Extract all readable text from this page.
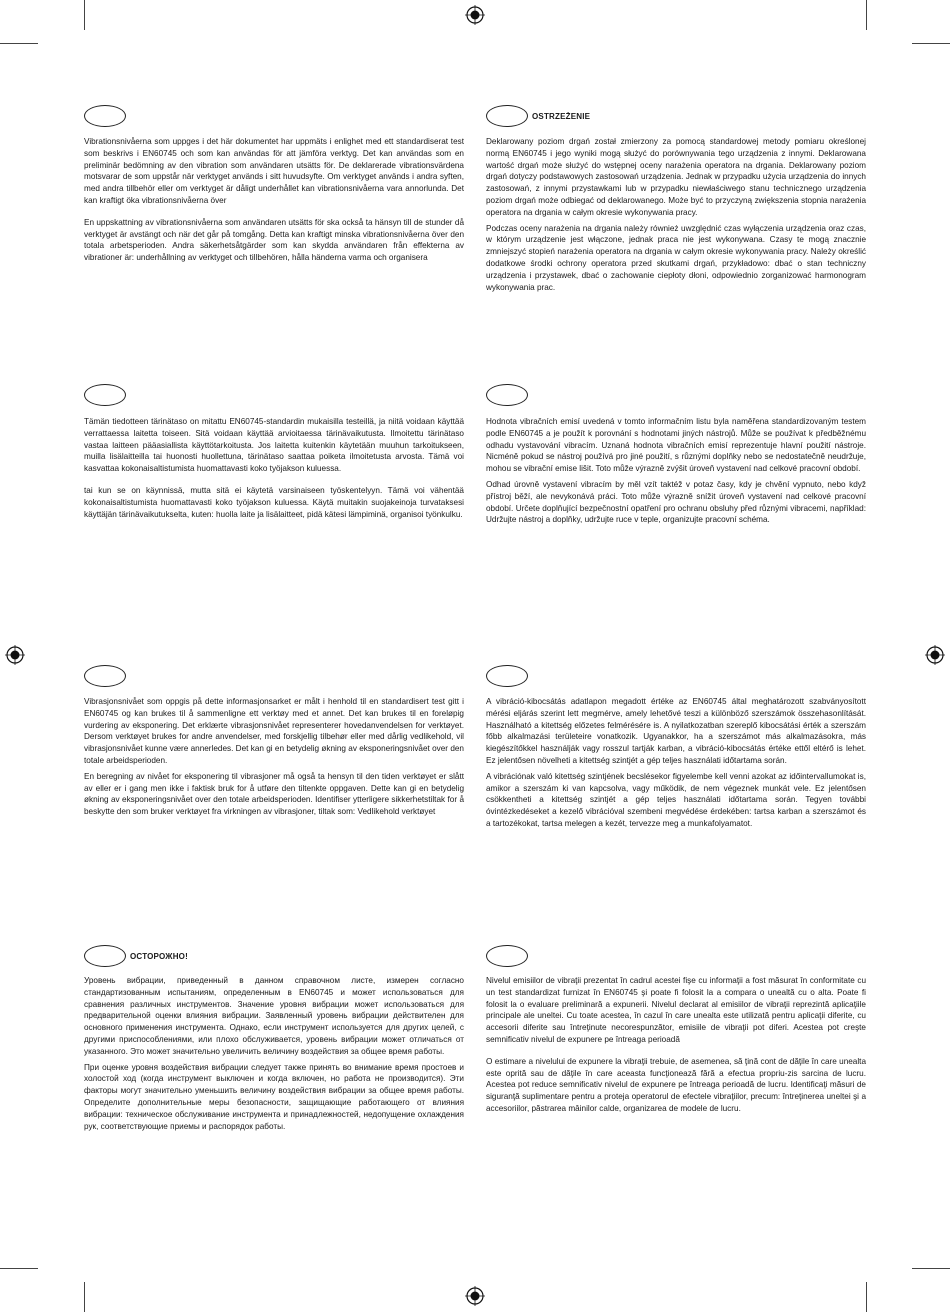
Vibrationsnivåerna som uppges i det här dokumentet har uppmäts i enlighet med ett standardiserat test som beskrivs i EN60745 och som kan användas för att jämföra verktyg. Det kan användas som en preliminär bedömning av den vibration som användaren utsätts för. De deklarerade vibrationsvärdena motsvarar de som uppstår när verktyget används i sitt huvudsyfte. Om verktyget används i andra syften, med andra tillbehör eller om verktyget är dåligt underhållet kan vibrationsnivåerna vara annorlunda. Det kan kraftigt öka vibrationsnivåerna över

En uppskattning av vibrationsnivåerna som användaren utsätts för ska också ta hänsyn till de stunder då verktyget är avstängt och när det går på tomgång. Detta kan kraftigt minska vibrationsnivåerna över den totala arbetsperioden. Andra säkerhetsåtgärder som kan skydda användaren från effekterna av vibrationer är: underhållning av verktyget och tillbehören, hålla händerna varma och organisera

OSTRZEŻENIE

Deklarowany poziom drgań został zmierzony za pomocą standardowej metody pomiaru określonej normą EN60745 i jego wyniki mogą służyć do porównywania tego urządzenia z innymi. Deklarowana wartość drgań może służyć do wstępnej oceny narażenia operatora na drgania. Deklarowany poziom drgań dotyczy podstawowych zastosowań urządzenia. Jednak w przypadku użycia urządzenia do innych zastosowań, z innymi przystawkami lub w przypadku niewłaściwego stanu technicznego urządzenia poziom drgań może odbiegać od deklarowanego. Może być to przyczyną zwiększenia stopnia narażenia operatora na drgania w całym okresie wykonywania pracy.

Podczas oceny narażenia na drgania należy również uwzględnić czas wyłączenia urządzenia oraz czas, w którym urządzenie jest włączone, jednak praca nie jest wykonywana. Czasy te mogą znacznie zmniejszyć stopień narażenia operatora na drgania w całym okresie wykonywania pracy. Należy określić dodatkowe środki ochrony operatora przed skutkami drgań, przykładowo: dbać o stan techniczny urządzenia i przystawek, dbać o zachowanie ciepłoty dłoni, odpowiednio zorganizować harmonogram wykonywania prac.

Tämän tiedotteen tärinätaso on mitattu EN60745-standardin mukaisilla testeillä, ja niitä voidaan käyttää verrattaessa laitetta toiseen. Sitä voidaan käyttää arvioitaessa tärinävaikutusta. Ilmoitettu tärinätaso vastaa laitteen pääasiallista käyttötarkoitusta. Jos laitetta kuitenkin käytetään muuhun tarkoitukseen, muilla lisälaitteilla tai huonosti huollettuna, tärinätaso saattaa poiketa ilmoitetusta arvosta. Tämä voi kasvattaa kokonaisaltistumista huomattavasti koko työjakson kuluessa.

tai kun se on käynnissä, mutta sitä ei käytetä varsinaiseen työskentelyyn. Tämä voi vähentää kokonaisaltistumista huomattavasti koko työjakson kuluessa. Käytä muitakin suojakeinoja turvataksesi käyttäjän tärinävaikutukselta, kuten: huolla laite ja lisälaitteet, pidä kätesi lämpiminä, organisoi työnkulku.

Hodnota vibračních emisí uvedená v tomto informačním listu byla naměřena standardizovaným testem podle EN60745 a je použít k porovnání s hodnotami jiných nástrojů. Může se používat k předběžnému odhadu vystavování vibracím. Uznaná hodnota vibračních emisí reprezentuje hlavní použití nástroje. Nicméně pokud se nástroj používá pro jiné použití, s různými doplňky nebo se nedostatečně neudržuje, mohou se vibrační emise lišit. Toto může výrazně zvýšit úroveň vystavení nad celkové pracovní období.

Odhad úrovně vystavení vibracím by měl vzít taktéž v potaz časy, kdy je chvění vypnuto, nebo když přístroj běží, ale nevykonává práci. Toto může výrazně snížit úroveň vystavení nad celkové pracovní období. Určete doplňující bezpečnostní opatření pro ochranu obsluhy před různými vibracemi, například: Udržujte nástroj a doplňky, udržujte ruce v teple, organizujte pracovní schéma.

Vibrasjonsnivået som oppgis på dette informasjonsarket er målt i henhold til en standardisert test gitt i EN60745 og kan brukes til å sammenligne ett verktøy med et annet. Det kan brukes til en foreløpig vurdering av eksponering. Det erklærte vibrasjonsnivået representerer hovedanvendelsen for verktøyet. Dersom verktøyet brukes for andre anvendelser, med forskjellig tilbehør eller med dårlig vedlikehold, vil vibrasjonsnivået kunne være annerledes. Det kan gi en betydelig økning av eksponeringsnivået over den totale arbeidsperioden.

En beregning av nivået for eksponering til vibrasjoner må også ta hensyn til den tiden verktøyet er slått av eller er i gang men ikke i faktisk bruk for å utføre den tiltenkte oppgaven. Dette kan gi en betydelig økning av eksponeringsnivået over den totale arbeidsperioden. Identifiser ytterligere sikkerhetstiltak for å beskytte den som bruker verktøyet fra virkningen av vibrasjoner, tiltak som: Vedlikehold verktøyet

A vibráció-kibocsátás adatlapon megadott értéke az EN60745 által meghatározott szabványosított mérési eljárás szerint lett megmérve, amely lehetővé teszi a különböző szerszámok összehasonlítását. Használható a kitettség előzetes felmérésére is. A nyilatkozatban szereplő kibocsátási érték a szerszám főbb alkalmazási területeire vonatkozik. Ugyanakkor, ha a szerszámot más alkalmazásokra, más kiegészítőkkel használják vagy rosszul tartják karban, a vibráció-kibocsátás értéke ettől eltérő is lehet. Ez jelentősen növelheti a kitettség szintjét a gép teljes használati időtartama során.

A vibrációnak való kitettség szintjének becslésekor figyelembe kell venni azokat az időintervallumokat is, amikor a szerszám ki van kapcsolva, vagy működik, de nem végeznek munkát vele. Ez jelentősen csökkentheti a kitettség szintjét a gép teljes használati időtartama során. Tegyen további óvintézkedéseket a kezelő vibrációval szembeni megvédése érdekében: tartsa karban a szerszámot és a tartozékokat, tartsa melegen a kezét, tervezze meg a munkafolyamatot.

ОСТОРОЖНО!

Уровень вибрации, приведенный в данном справочном листе, измерен согласно стандартизованным испытаниям, определенным в EN60745 и может использоваться для сравнения различных инструментов. Значение уровня вибрации может использоваться для предварительной оценки влияния вибрации. Заявленный уровень вибрации действителен для основного применения инструмента. Однако, если инструмент используется для других целей, с другими приспособлениями, или плохо обслуживается, уровень вибрации может отличаться от указанного. Это может значительно увеличить величину воздействия за общее время работы.

При оценке уровня воздействия вибрации следует также принять во внимание время простоев и холостой ход (когда инструмент выключен и когда включен, но работа не производится). Эти факторы могут значительно уменьшить величину воздействия вибрации за общее время работы. Определите дополнительные меры безопасности, защищающие работающего от влияния вибрации: техническое обслуживание инструмента и принадлежностей, недопущение охлаждения рук, соответствующие приемы и распорядок работы.

Nivelul emisiilor de vibraţii prezentat în cadrul acestei fişe cu informaţii a fost măsurat în conformitate cu un test standardizat furnizat în EN60745 şi poate fi folosit la a compara o unealtă cu o alta. Poate fi folosit la o evaluare preliminară a expunerii. Nivelul declarat al emisiilor de vibraţii reprezintă aplicaţiile principale ale uneltei. Cu toate acestea, în cazul în care unealta este utilizată pentru aplicaţii diferite, cu accesorii diferite sau întreţinute necorespunzător, emisiile de vibraţii pot diferi. Acestea pot creşte semnificativ nivelul de expunere pe întreaga perioadă

O estimare a nivelului de expunere la vibraţii trebuie, de asemenea, să ţină cont de dăţile în care unealta este oprită sau de dăţile în care aceasta funcţionează fără a efectua propriu-zis sarcina de lucru. Acestea pot reduce semnificativ nivelul de expunere pe întreaga perioadă de lucru. Identificaţi măsuri de siguranţă suplimentare pentru a proteja operatorul de efectele vibraţiilor, precum: întreţinerea uneltei şi a accesoriilor, păstrarea mâinilor calde, organizarea de modele de lucru.
